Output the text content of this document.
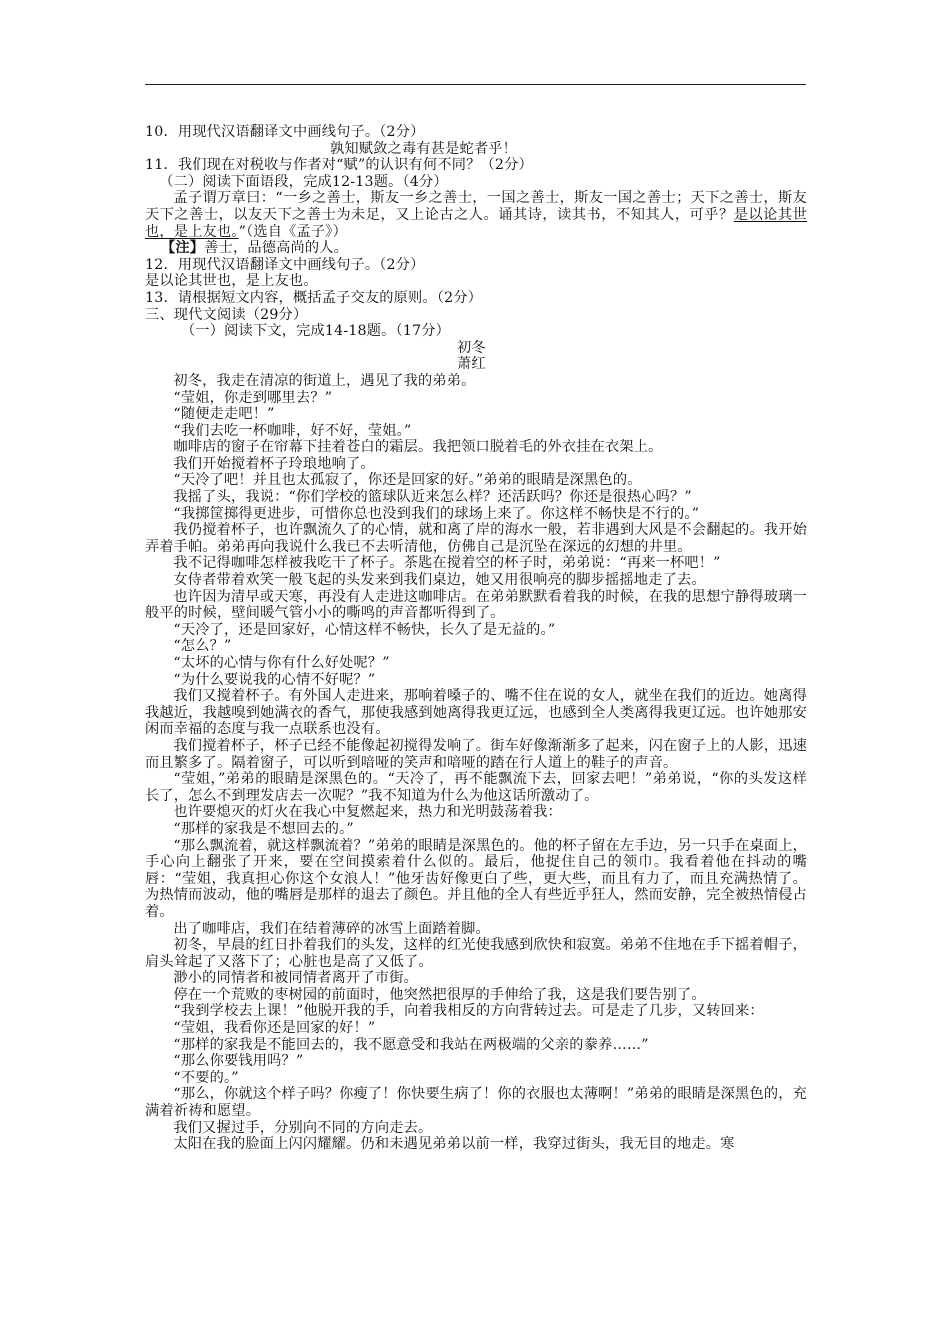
10．用现代汉语翻译文中画线句子。（2分）

孰知赋敛之毒有甚是蛇者乎！

11．我们现在对税收与作者对“赋”的认识有何不同？（2分）

（二）阅读下面语段，完成12-13题。（4分）

孟子谓万章曰：“一乡之善士，斯友一乡之善士，一国之善士，斯友一国之善士；天下之善士，斯友天下之善士，以友天下之善士为未足，又上论古之人。诵其诗，读其书，不知其人，可乎？是以论其世也，是上友也。”（选自《孟子》）

【注】善士，品德高尚的人。

12．用现代汉语翻译文中画线句子。（2分）

是以论其世也，是上友也。

13．请根据短文内容，概括孟子交友的原则。（2分）

三、现代文阅读（29分）

（一）阅读下文，完成14-18题。（17分）

初冬

萧红

初冬，我走在清凉的街道上，遇见了我的弟弟。

“莹姐，你走到哪里去？”

“随便走走吧！”

“我们去吃一杯咖啡，好不好，莹姐。”

咖啡店的窗子在帘幕下挂着苍白的霜层。我把领口脱着毛的外衣挂在衣架上。

我们开始搅着杯子玲琅地响了。

“天冷了吧！并且也太孤寂了，你还是回家的好。”弟弟的眼睛是深黑色的。

我摇了头，我说：“你们学校的篮球队近来怎么样？还活跃吗？你还是很热心吗？”

“我掷筐掷得更进步，可惜你总也没到我们的球场上来了。你这样不畅快是不行的。”

我仍搅着杯子，也许飘流久了的心情，就和离了岸的海水一般，若非遇到大风是不会翻起的。我开始弄着手帕。弟弟再向我说什么我已不去听清他，仿佛自己是沉坠在深远的幻想的井里。

我不记得咖啡怎样被我吃干了杯子。茶匙在搅着空的杯子时，弟弟说：“再来一杯吧！”

女侍者带着欢笑一般飞起的头发来到我们桌边，她又用很响亮的脚步摇摇地走了去。

也许因为清早或天寒，再没有人走进这咖啡店。在弟弟默默看着我的时候，在我的思想宁静得玻璃一般平的时候，壁间暖气管小小的嘶鸣的声音都听得到了。

“天冷了，还是回家好，心情这样不畅快，长久了是无益的。”

“怎么？”

“太坏的心情与你有什么好处呢？”

“为什么要说我的心情不好呢？”

我们又搅着杯子。有外国人走进来，那响着嗓子的、嘴不住在说的女人，就坐在我们的近边。她离得我越近，我越嗅到她满衣的香气，那使我感到她离得我更辽远，也感到全人类离得我更辽远。也许她那安闲而幸福的态度与我一点联系也没有。

我们搅着杯子，杯子已经不能像起初搅得发响了。街车好像渐渐多了起来，闪在窗子上的人影，迅速而且繁多了。隔着窗子，可以听到喑哑的笑声和喑哑的踏在行人道上的鞋子的声音。

“莹姐，”弟弟的眼睛是深黑色的。“天冷了，再不能飘流下去，回家去吧！”弟弟说，“你的头发这样长了，怎么不到理发店去一次呢？”我不知道为什么为他这话所激动了。

也许要熄灭的灯火在我心中复燃起来，热力和光明鼓荡着我：

“那样的家我是不想回去的。”

“那么飘流着，就这样飘流着？”弟弟的眼睛是深黑色的。他的杯子留在左手边，另一只手在桌面上，手心向上翻张了开来，要在空间摸索着什么似的。最后，他捉住自己的领巾。我看着他在抖动的嘴唇：“莹姐，我真担心你这个女浪人！”他牙齿好像更白了些，更大些，而且有力了，而且充满热情了。为热情而波动，他的嘴唇是那样的退去了颜色。并且他的全人有些近乎狂人，然而安静，完全被热情侵占着。

出了咖啡店，我们在结着薄碎的冰雪上面踏着脚。

初冬，早晨的红日扑着我们的头发，这样的红光使我感到欣快和寂寞。弟弟不住地在手下摇着帽子，肩头耸起了又落下了；心脏也是高了又低了。

渺小的同情者和被同情者离开了市街。

停在一个荒败的枣树园的前面时，他突然把很厚的手伸给了我，这是我们要告别了。

“我到学校去上课！”他脱开我的手，向着我相反的方向背转过去。可是走了几步，又转回来：

“莹姐，我看你还是回家的好！”

“那样的家我是不能回去的，我不愿意受和我站在两极端的父亲的豢养……”

“那么你要钱用吗？”

“不要的。”

“那么，你就这个样子吗？你瘦了！你快要生病了！你的衣服也太薄啊！”弟弟的眼睛是深黑色的，充满着祈祷和愿望。

我们又握过手，分别向不同的方向走去。

太阳在我的脸面上闪闪耀耀。仍和未遇见弟弟以前一样，我穿过街头，我无目的地走。寒
